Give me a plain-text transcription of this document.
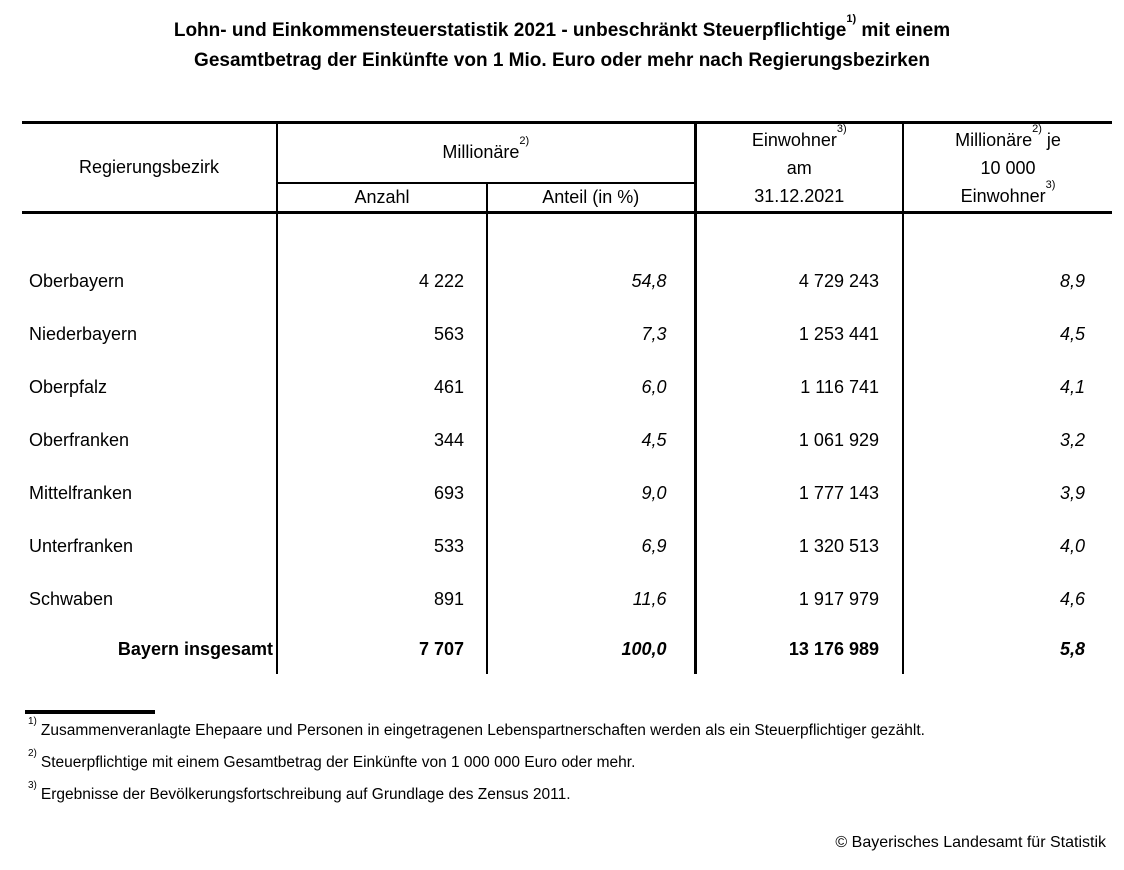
Lohn- und Einkommensteuerstatistik 2021 - unbeschränkt Steuerpflichtige$^{1)}$ mit einem
Gesamtbetrag der Einkünfte von 1 Mio. Euro oder mehr nach Regierungsbezirken
Regierungsbezirk	Millionäre$^{2)}$	Einwohner$^{3)}$
am
31.12.2021

Millionäre$^{2)}$ je
10 000
Einwohner$^{3)}$

	Anzahl	Anteil (in %)		

Oberbayern	4 222	54,8	4 729 243	8,9
Niederbayern	563	7,3	1 253 441	4,5
Oberpfalz	461	6,0	1 116 741	4,1
Oberfranken	344	4,5	1 061 929	3,2
Mittelfranken	693	9,0	1 777 143	3,9
Unterfranken	533	6,9	1 320 513	4,0
Schwaben	891	11,6	1 917 979	4,6
Bayern insgesamt	7 707	100,0	13 176 989	5,8
$^{1)}$Zusammenveranlagte Ehepaare und Personen in eingetragenen Lebenspartnerschaften werden als ein Steuerpflichtiger gezählt.
$^{2)}$Steuerpflichtige mit einem Gesamtbetrag der Einkünfte von 1 000 000 Euro oder mehr.
$^{3)}$Ergebnisse der Bevölkerungsfortschreibung auf Grundlage des Zensus 2011.
© Bayerisches Landesamt für Statistik
